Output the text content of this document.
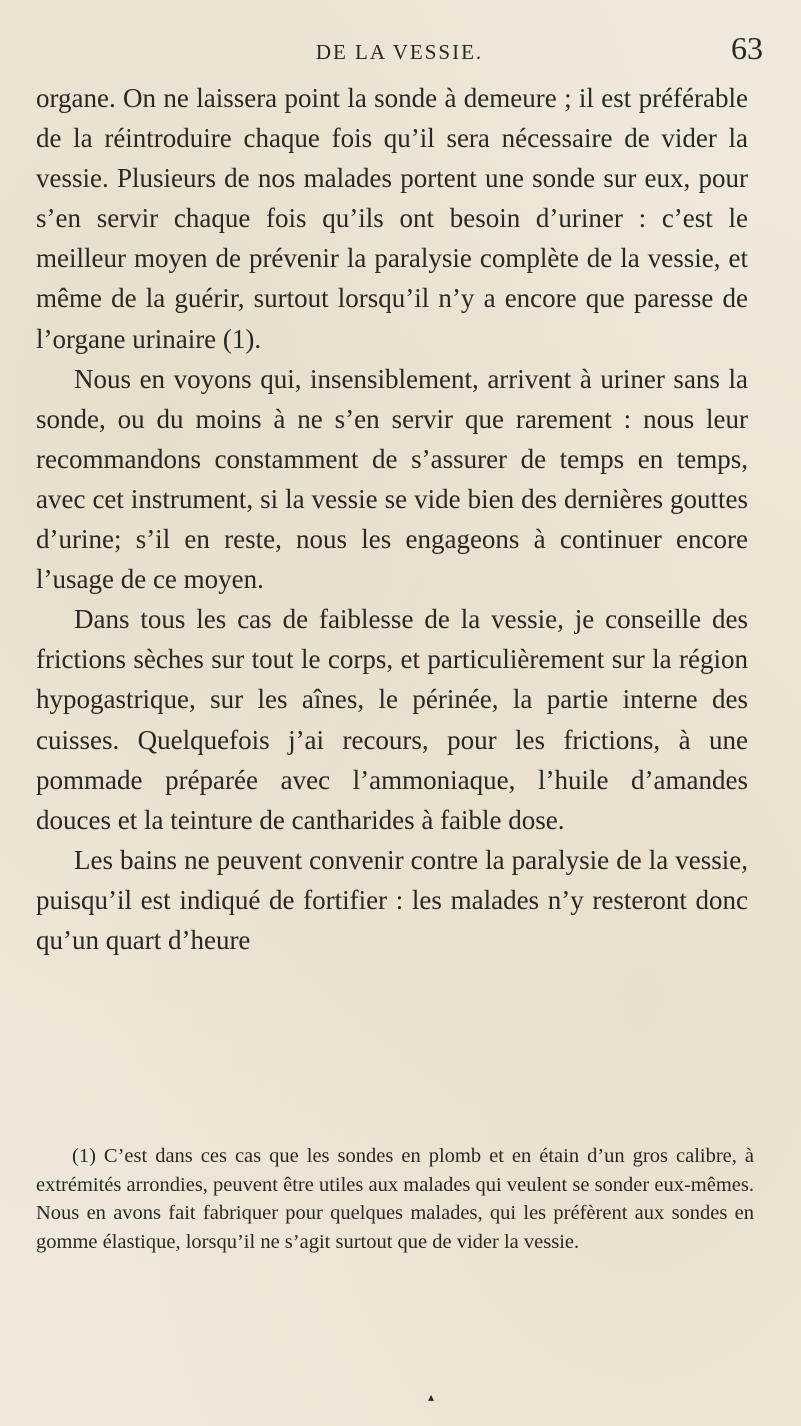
DE LA VESSIE.	63

organe. On ne laissera point la sonde à demeure ; il est préférable de la réintroduire chaque fois qu’il sera nécessaire de vider la vessie. Plusieurs de nos malades portent une sonde sur eux, pour s’en servir chaque fois qu’ils ont besoin d’uriner : c’est le meilleur moyen de prévenir la paralysie complète de la vessie, et même de la guérir, surtout lorsqu’il n’y a encore que paresse de l’organe urinaire (1).

Nous en voyons qui, insensiblement, arrivent à uriner sans la sonde, ou du moins à ne s’en servir que rarement : nous leur recommandons constamment de s’assurer de temps en temps, avec cet instrument, si la vessie se vide bien des dernières gouttes d’urine; s’il en reste, nous les engageons à continuer encore l’usage de ce moyen.

Dans tous les cas de faiblesse de la vessie, je conseille des frictions sèches sur tout le corps, et particulièrement sur la région hypogastrique, sur les aînes, le périnée, la partie interne des cuisses. Quelquefois j’ai recours, pour les frictions, à une pommade préparée avec l’ammoniaque, l’huile d’amandes douces et la teinture de cantharides à faible dose.

Les bains ne peuvent convenir contre la paralysie de la vessie, puisqu’il est indiqué de fortifier : les malades n’y resteront donc qu’un quart d’heure

(1) C’est dans ces cas que les sondes en plomb et en étain d’un gros calibre, à extrémités arrondies, peuvent être utiles aux malades qui veulent se sonder eux-mêmes. Nous en avons fait fabriquer pour quelques malades, qui les préfèrent aux sondes en gomme élastique, lorsqu’il ne s’agit surtout que de vider la vessie.
▴
